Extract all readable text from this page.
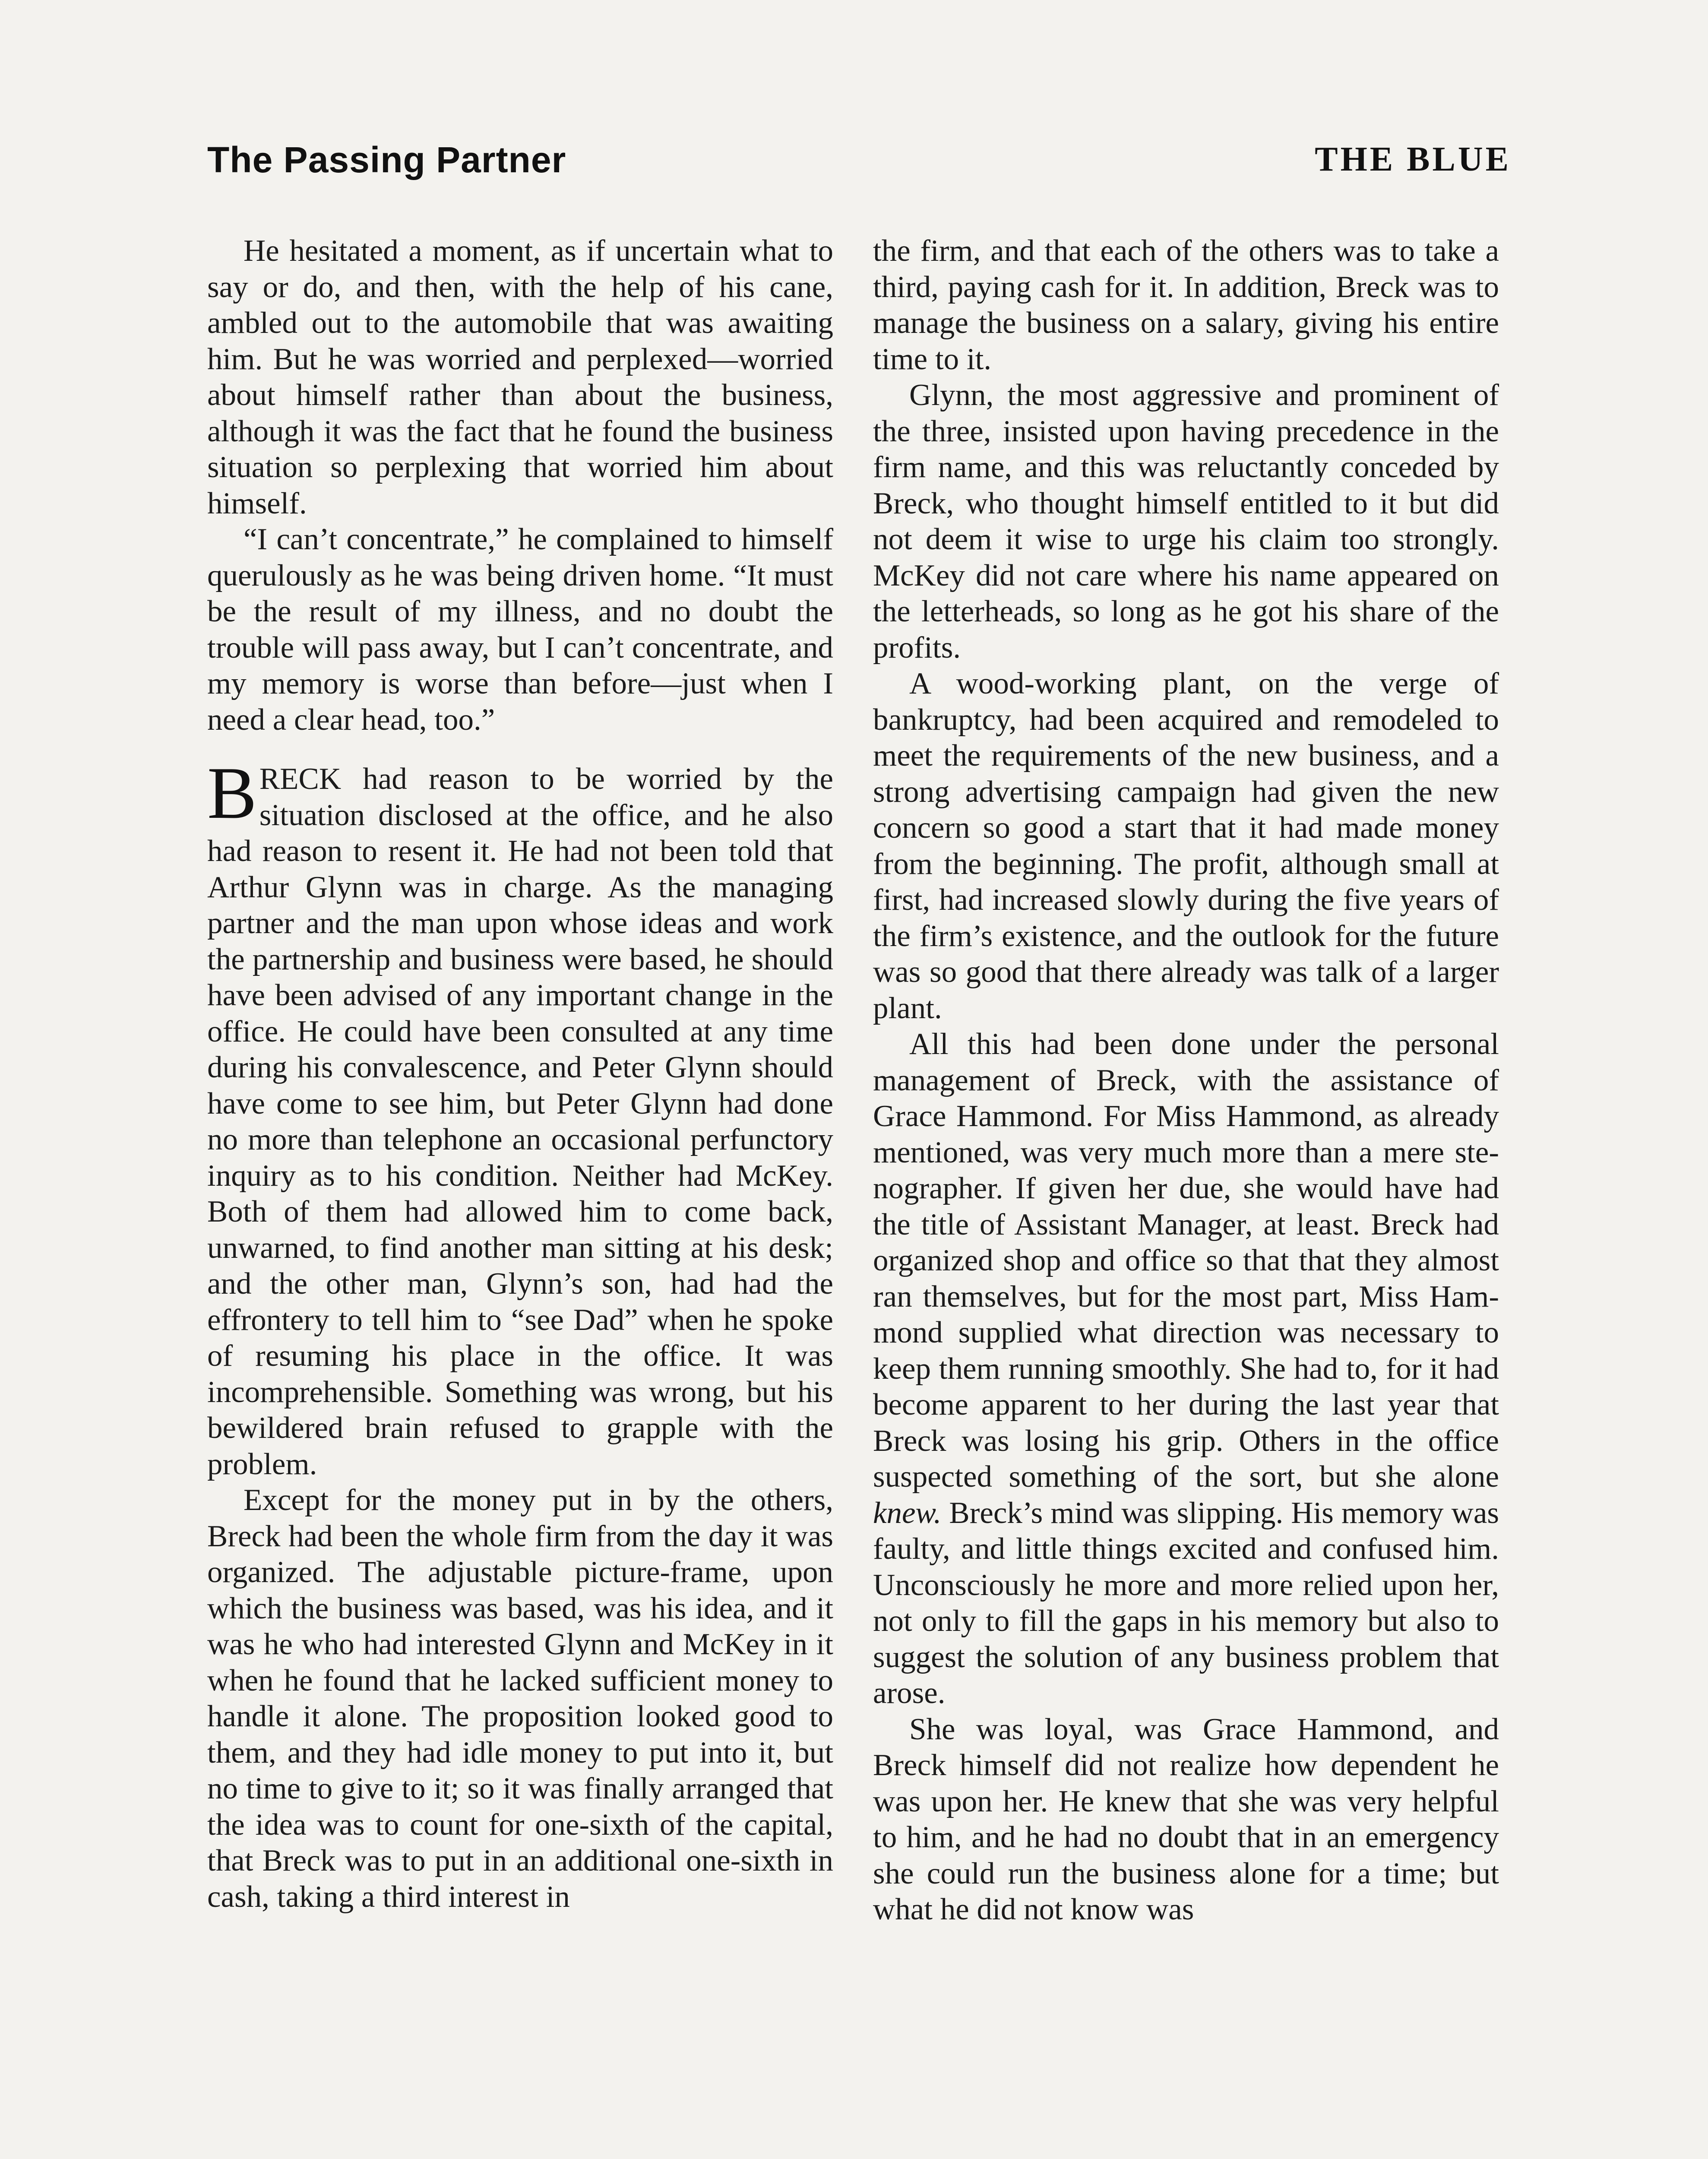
The Passing Partner	THE BLUE

He hesitated a moment, as if uncertain what to say or do, and then, with the help of his cane, ambled out to the automobile that was awaiting him. But he was worried and perplexed—worried about himself rather than about the business, although it was the fact that he found the business situation so perplexing that worried him about himself.

“I can’t concentrate,” he complained to himself querulously as he was being driven home. “It must be the result of my illness, and no doubt the trouble will pass away, but I can’t concentrate, and my memory is worse than before—just when I need a clear head, too.”

BRECK had reason to be worried by the situation disclosed at the office, and he also had reason to resent it. He had not been told that Arthur Glynn was in charge. As the managing partner and the man upon whose ideas and work the partnership and business were based, he should have been advised of any important change in the office. He could have been consulted at any time during his convalescence, and Peter Glynn should have come to see him, but Peter Glynn had done no more than telephone an occasional perfunctory inquiry as to his condition. Neither had McKey. Both of them had allowed him to come back, unwarned, to find another man sitting at his desk; and the other man, Glynn’s son, had had the effrontery to tell him to “see Dad” when he spoke of resuming his place in the office. It was incomprehensible. Something was wrong, but his bewildered brain refused to grapple with the problem.

Except for the money put in by the others, Breck had been the whole firm from the day it was organized. The adjustable picture-frame, upon which the business was based, was his idea, and it was he who had interested Glynn and McKey in it when he found that he lacked sufficient money to handle it alone. The proposition looked good to them, and they had idle money to put into it, but no time to give to it; so it was finally arranged that the idea was to count for one-sixth of the capital, that Breck was to put in an additional one-sixth in cash, taking a third interest in

the firm, and that each of the others was to take a third, paying cash for it. In addition, Breck was to manage the business on a salary, giving his entire time to it.

Glynn, the most aggressive and prominent of the three, insisted upon having precedence in the firm name, and this was reluctantly conceded by Breck, who thought himself entitled to it but did not deem it wise to urge his claim too strongly. McKey did not care where his name appeared on the letterheads, so long as he got his share of the profits.

A wood-working plant, on the verge of bankruptcy, had been acquired and remodeled to meet the requirements of the new business, and a strong advertising campaign had given the new concern so good a start that it had made money from the beginning. The profit, although small at first, had increased slowly during the five years of the firm’s existence, and the outlook for the future was so good that there already was talk of a larger plant.

All this had been done under the personal management of Breck, with the assistance of Grace Hammond. For Miss Hammond, as already mentioned, was very much more than a mere stenographer. If given her due, she would have had the title of Assistant Manager, at least. Breck had organized shop and office so that that they almost ran themselves, but for the most part, Miss Hammond supplied what direction was necessary to keep them running smoothly. She had to, for it had become apparent to her during the last year that Breck was losing his grip. Others in the office suspected something of the sort, but she alone knew. Breck’s mind was slipping. His memory was faulty, and little things excited and confused him. Unconsciously he more and more relied upon her, not only to fill the gaps in his memory but also to suggest the solution of any business problem that arose.

She was loyal, was Grace Hammond, and Breck himself did not realize how dependent he was upon her. He knew that she was very helpful to him, and he had no doubt that in an emergency she could run the business alone for a time; but what he did not know was
